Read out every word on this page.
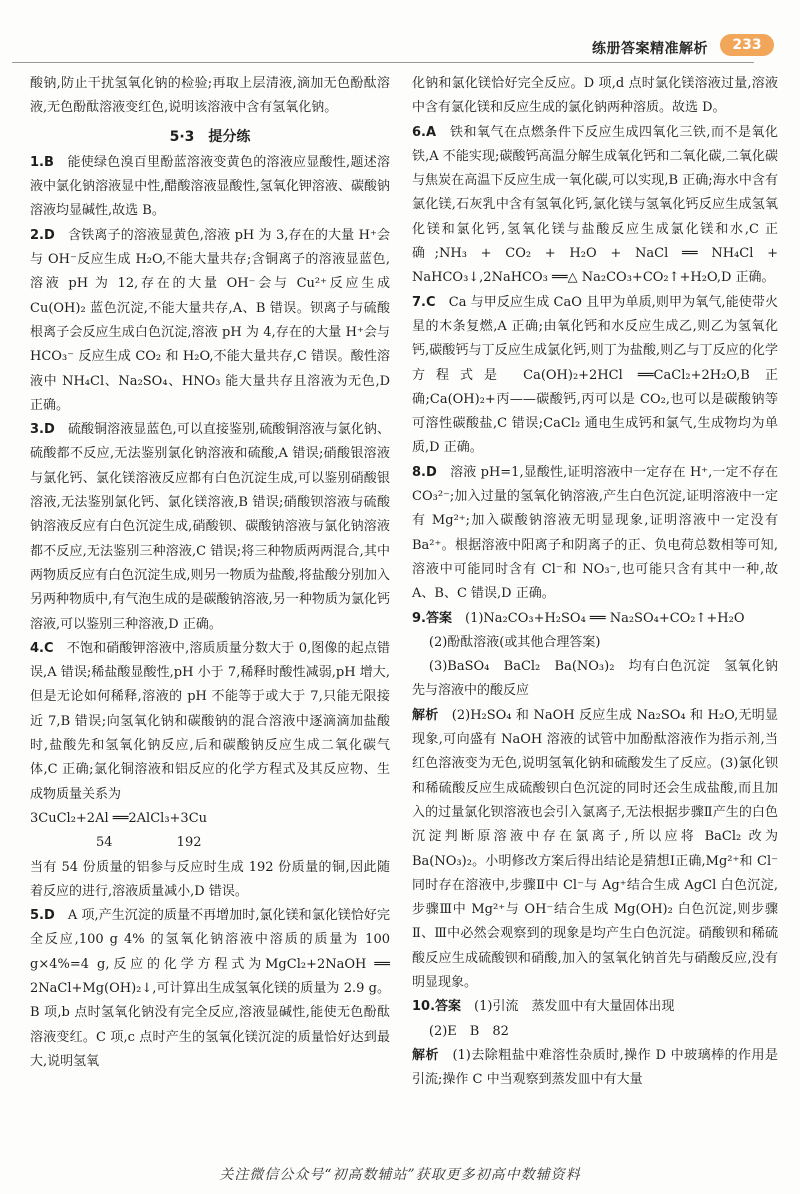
练册答案精准解析	233

酸钠,防止干扰氢氧化钠的检验;再取上层清液,滴加无色酚酞溶液,无色酚酞溶液变红色,说明该溶液中含有氢氧化钠。

5·3　提分练

1.B　 能使绿色溴百里酚蓝溶液变黄色的溶液应显酸性,题述溶液中氯化钠溶液显中性,醋酸溶液显酸性,氢氧化钾溶液、碳酸钠溶液均显碱性,故选 B。

2.D　 含铁离子的溶液显黄色,溶液 pH 为 3,存在的大量 H⁺会与 OH⁻反应生成 H₂O,不能大量共存;含铜离子的溶液显蓝色,溶液 pH 为 12,存在的大量 OH⁻会与 Cu²⁺反应生成 Cu(OH)₂ 蓝色沉淀,不能大量共存,A、B 错误。钡离子与硫酸根离子会反应生成白色沉淀,溶液 pH 为 4,存在的大量 H⁺会与 HCO₃⁻ 反应生成 CO₂ 和 H₂O,不能大量共存,C 错误。酸性溶液中 NH₄Cl、Na₂SO₄、HNO₃ 能大量共存且溶液为无色,D 正确。

3.D　 硫酸铜溶液显蓝色,可以直接鉴别,硫酸铜溶液与氯化钠、硫酸都不反应,无法鉴别氯化钠溶液和硫酸,A 错误;硝酸银溶液与氯化钙、氯化镁溶液反应都有白色沉淀生成,可以鉴别硝酸银溶液,无法鉴别氯化钙、氯化镁溶液,B 错误;硝酸钡溶液与硫酸钠溶液反应有白色沉淀生成,硝酸钡、碳酸钠溶液与氯化钠溶液都不反应,无法鉴别三种溶液,C 错误;将三种物质两两混合,其中两物质反应有白色沉淀生成,则另一物质为盐酸,将盐酸分别加入另两种物质中,有气泡生成的是碳酸钠溶液,另一种物质为氯化钙溶液,可以鉴别三种溶液,D 正确。

4.C　 不饱和硝酸钾溶液中,溶质质量分数大于 0,图像的起点错误,A 错误;稀盐酸显酸性,pH 小于 7,稀释时酸性减弱,pH 增大,但是无论如何稀释,溶液的 pH 不能等于或大于 7,只能无限接近 7,B 错误;向氢氧化钠和碳酸钠的混合溶液中逐滴滴加盐酸时,盐酸先和氢氧化钠反应,后和碳酸钠反应生成二氧化碳气体,C 正确;氯化铜溶液和铝反应的化学方程式及其反应物、生成物质量关系为

3CuCl₂+2Al ══2AlCl₃+3Cu

54 192

当有 54 份质量的铝参与反应时生成 192 份质量的铜,因此随着反应的进行,溶液质量减小,D 错误。

5.D　 A 项,产生沉淀的质量不再增加时,氯化镁和氯化镁恰好完全反应,100 g 4% 的氢氧化钠溶液中溶质的质量为 100 g×4%=4 g,反应的化学方程式为MgCl₂+2NaOH ══ 2NaCl+Mg(OH)₂↓,可计算出生成氢氧化镁的质量为 2.9 g。B 项,b 点时氢氧化钠没有完全反应,溶液显碱性,能使无色酚酞溶液变红。C 项,c 点时产生的氢氧化镁沉淀的质量恰好达到最大,说明氢氧

化钠和氯化镁恰好完全反应。D 项,d 点时氯化镁溶液过量,溶液中含有氯化镁和反应生成的氯化钠两种溶质。故选 D。

6.A　 铁和氧气在点燃条件下反应生成四氧化三铁,而不是氧化铁,A 不能实现;碳酸钙高温分解生成氧化钙和二氧化碳,二氧化碳与焦炭在高温下反应生成一氧化碳,可以实现,B 正确;海水中含有氯化镁,石灰乳中含有氢氧化钙,氯化镁与氢氧化钙反应生成氢氧化镁和氯化钙,氢氧化镁与盐酸反应生成氯化镁和水,C 正确;NH₃ + CO₂ + H₂O + NaCl ══ NH₄Cl + NaHCO₃↓,2NaHCO₃ ══△ Na₂CO₃+CO₂↑+H₂O,D 正确。

7.C　 Ca 与甲反应生成 CaO 且甲为单质,则甲为氧气,能使带火星的木条复燃,A 正确;由氧化钙和水反应生成乙,则乙为氢氧化钙,碳酸钙与丁反应生成氯化钙,则丁为盐酸,则乙与丁反应的化学方程式是 Ca(OH)₂+2HCl ══CaCl₂+2H₂O,B 正确;Ca(OH)₂+丙——碳酸钙,丙可以是 CO₂,也可以是碳酸钠等可溶性碳酸盐,C 错误;CaCl₂ 通电生成钙和氯气,生成物均为单质,D 正确。

8.D　 溶液 pH=1,显酸性,证明溶液中一定存在 H⁺,一定不存在 CO₃²⁻;加入过量的氢氧化钠溶液,产生白色沉淀,证明溶液中一定有 Mg²⁺;加入碳酸钠溶液无明显现象,证明溶液中一定没有 Ba²⁺。根据溶液中阳离子和阴离子的正、负电荷总数相等可知,溶液中可能同时含有 Cl⁻和 NO₃⁻,也可能只含有其中一种,故 A、B、C 错误,D 正确。

9.答案　 (1)Na₂CO₃+H₂SO₄ ══ Na₂SO₄+CO₂↑+H₂O

(2)酚酞溶液(或其他合理答案)

(3)BaSO₄　BaCl₂　Ba(NO₃)₂　均有白色沉淀　氢氧化钠先与溶液中的酸反应

解析　 (2)H₂SO₄ 和 NaOH 反应生成 Na₂SO₄ 和 H₂O,无明显现象,可向盛有 NaOH 溶液的试管中加酚酞溶液作为指示剂,当红色溶液变为无色,说明氢氧化钠和硫酸发生了反应。(3)氯化钡和稀硫酸反应生成硫酸钡白色沉淀的同时还会生成盐酸,而且加入的过量氯化钡溶液也会引入氯离子,无法根据步骤Ⅱ产生的白色沉淀判断原溶液中存在氯离子,所以应将 BaCl₂ 改为Ba(NO₃)₂。小明修改方案后得出结论是猜想Ⅰ正确,Mg²⁺和 Cl⁻同时存在溶液中,步骤Ⅱ中 Cl⁻与 Ag⁺结合生成 AgCl 白色沉淀,步骤Ⅲ中 Mg²⁺与 OH⁻结合生成 Mg(OH)₂ 白色沉淀,则步骤Ⅱ、Ⅲ中必然会观察到的现象是均产生白色沉淀。硝酸钡和稀硫酸反应生成硫酸钡和硝酸,加入的氢氧化钠首先与硝酸反应,没有明显现象。

10.答案　 (1)引流　蒸发皿中有大量固体出现

(2)E　B　82

解析　 (1)去除粗盐中难溶性杂质时,操作 D 中玻璃棒的作用是引流;操作 C 中当观察到蒸发皿中有大量

关注微信公众号“初高数辅站”获取更多初高中数辅资料
